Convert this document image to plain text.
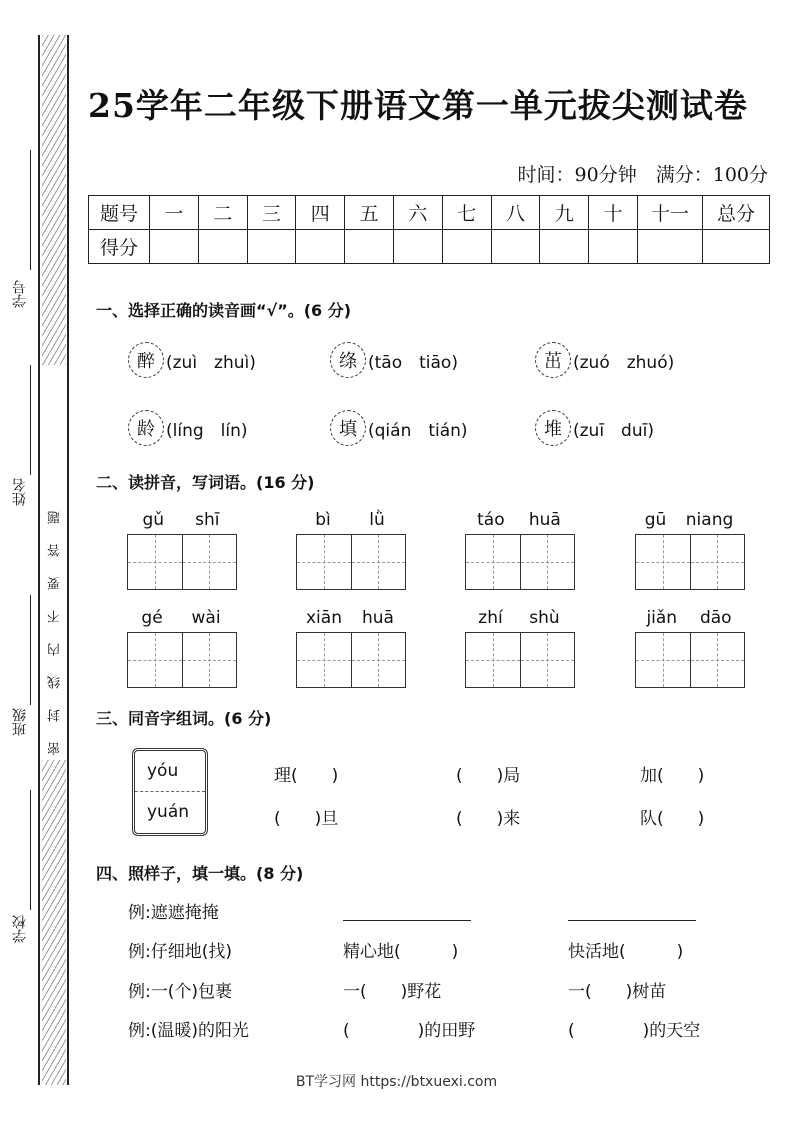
密封线内不要答题
学号
姓名
班级
学校
25学年二年级下册语文第一单元拔尖测试卷
时间：90分钟　满分：100分
题号	一	二	三	四	五	六	七	八	九	十	十一	总分
得分												
一、选择正确的读音画“√”。(6 分)
醉 (zuì　zhuì)	绦 (tāo　tiāo)	茁 (zuó　zhuó)
龄 (líng　lín)	填 (qián　tián)	堆 (zuī　duī)
二、读拼音，写词语。(16 分)
gǔ shī	bì lǜ	táo huā	gū niang
gé wài	xiān huā	zhí shù	jiǎn dāo
三、同音字组词。(6 分)
yóu
yuán
理(　　)	(　　)局	加(　　)
(　　)旦	(　　)来	队(　　)
四、照样子，填一填。(8 分)
例:遮遮掩掩
例:仔细地(找)	精心地(　　　)	快活地(　　　)
例:一(个)包裹	一(　　)野花	一(　　)树苗
例:(温暖)的阳光	(　　　　)的田野	(　　　　)的天空
BT学习网 https://btxuexi.com
